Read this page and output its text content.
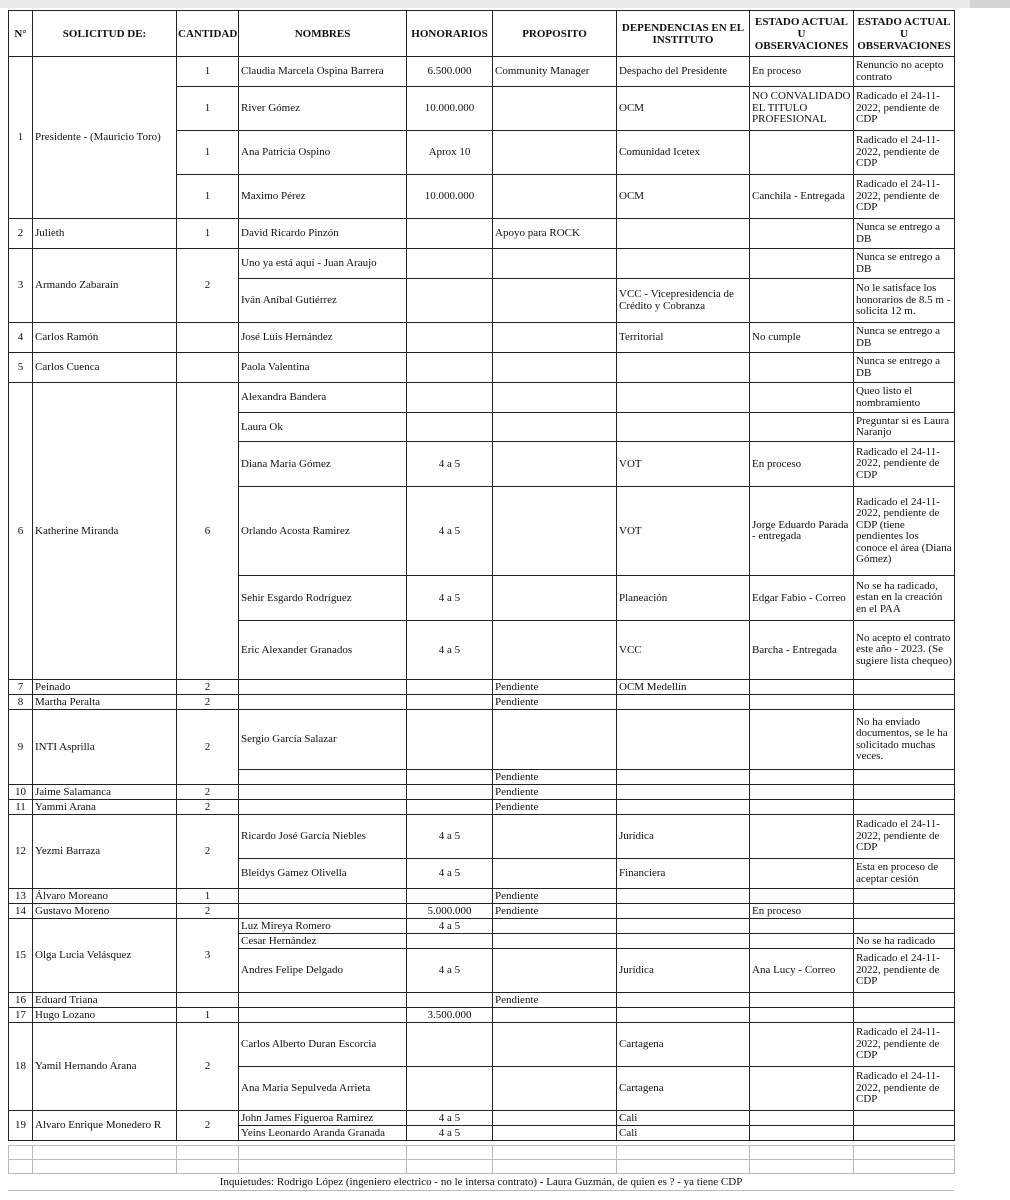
N°	SOLICITUD DE:	CANTIDAD	NOMBRES	HONORARIOS	PROPOSITO	DEPENDENCIAS EN EL INSTITUTO	ESTADO ACTUAL U OBSERVACIONES	ESTADO ACTUAL U OBSERVACIONES
1	Presidente - (Mauricio Toro)	1	Claudia Marcela Ospina Barrera	6.500.000	Community Manager	Despacho del Presidente	En proceso	Renuncio no acepto contrato
		1	River Gómez	10.000.000		OCM	NO CONVALIDADO EL TITULO PROFESIONAL	Radicado el 24-11-2022, pendiente de CDP
		1	Ana Patricia Ospino	Aprox 10		Comunidad Icetex		Radicado el 24-11-2022, pendiente de CDP
		1	Maximo Pérez	10.000.000		OCM	Canchila - Entregada	Radicado el 24-11-2022, pendiente de CDP
2	Julieth	1	David Ricardo Pinzón		Apoyo para ROCK			Nunca se entrego a DB
3	Armando Zabaraín	2	Uno ya está aquí - Juan Araujo					Nunca se entrego a DB
			Iván Aníbal Gutiérrez			VCC - Vicepresidencia de Crédito y Cobranza		No le satisface los honorarios de 8.5 m - solicita 12 m.
4	Carlos Ramón		José Luis Hernández			Territorial	No cumple	Nunca se entrego a DB
5	Carlos Cuenca		Paola Valentina					Nunca se entrego a DB
6	Katherine Miranda	6	Alexandra Bandera					Queo listo el nombramiento
			Laura Ok					Preguntar si es Laura Naranjo
			Diana Maria Gómez	4 a 5		VOT	En proceso	Radicado el 24-11-2022, pendiente de CDP
			Orlando Acosta Ramirez	4 a 5		VOT	Jorge Eduardo Parada - entregada	Radicado el 24-11-2022, pendiente de CDP (tiene pendientes los conoce el área (Diana Gómez)
			Sehir Esgardo Rodríguez	4 a 5		Planeación	Edgar Fabio - Correo	No se ha radicado, estan en la creación en el PAA
			Eric Alexander Granados	4 a 5		VCC	Barcha - Entregada	No acepto el contrato este año - 2023. (Se sugiere lista chequeo)
7	Peinado	2			Pendiente	OCM Medellín		
8	Martha Peralta	2			Pendiente			
9	INTI Asprilla	2	Sergio García Salazar					No ha enviado documentos, se le ha solicitado muchas veces.
					Pendiente			
10	Jaime Salamanca	2			Pendiente			
11	Yammi Arana	2			Pendiente			
12	Yezmi Barraza	2	Ricardo José García Niebles	4 a 5		Jurídica		Radicado el 24-11-2022, pendiente de CDP
			Bleidys Gamez Olivella	4 a 5		Financiera		Esta en proceso de aceptar cesión
13	Álvaro Moreano	1			Pendiente			
14	Gustavo Moreno	2		5.000.000	Pendiente		En proceso	
15	Olga Lucia Velásquez	3	Luz Mireya Romero	4 a 5				
			Cesar Hernández					No se ha radicado
			Andres Felipe Delgado	4 a 5		Jurídica	Ana Lucy - Correo	Radicado el 24-11-2022, pendiente de CDP
16	Eduard Triana				Pendiente			
17	Hugo Lozano	1		3.500.000				
18	Yamil Hernando Arana	2	Carlos Alberto Duran Escorcia			Cartagena		Radicado el 24-11-2022, pendiente de CDP
			Ana Maria Sepulveda Arrieta			Cartagena		Radicado el 24-11-2022, pendiente de CDP
19	Alvaro Enrique Monedero R	2	John James Figueroa Ramirez	4 a 5		Cali		
			Yeins Leonardo Aranda Granada	4 a 5		Cali		

Inquietudes: Rodrigo López (ingeniero electrico - no le intersa contrato) - Laura Guzmán, de quien es ? - ya tiene CDP
